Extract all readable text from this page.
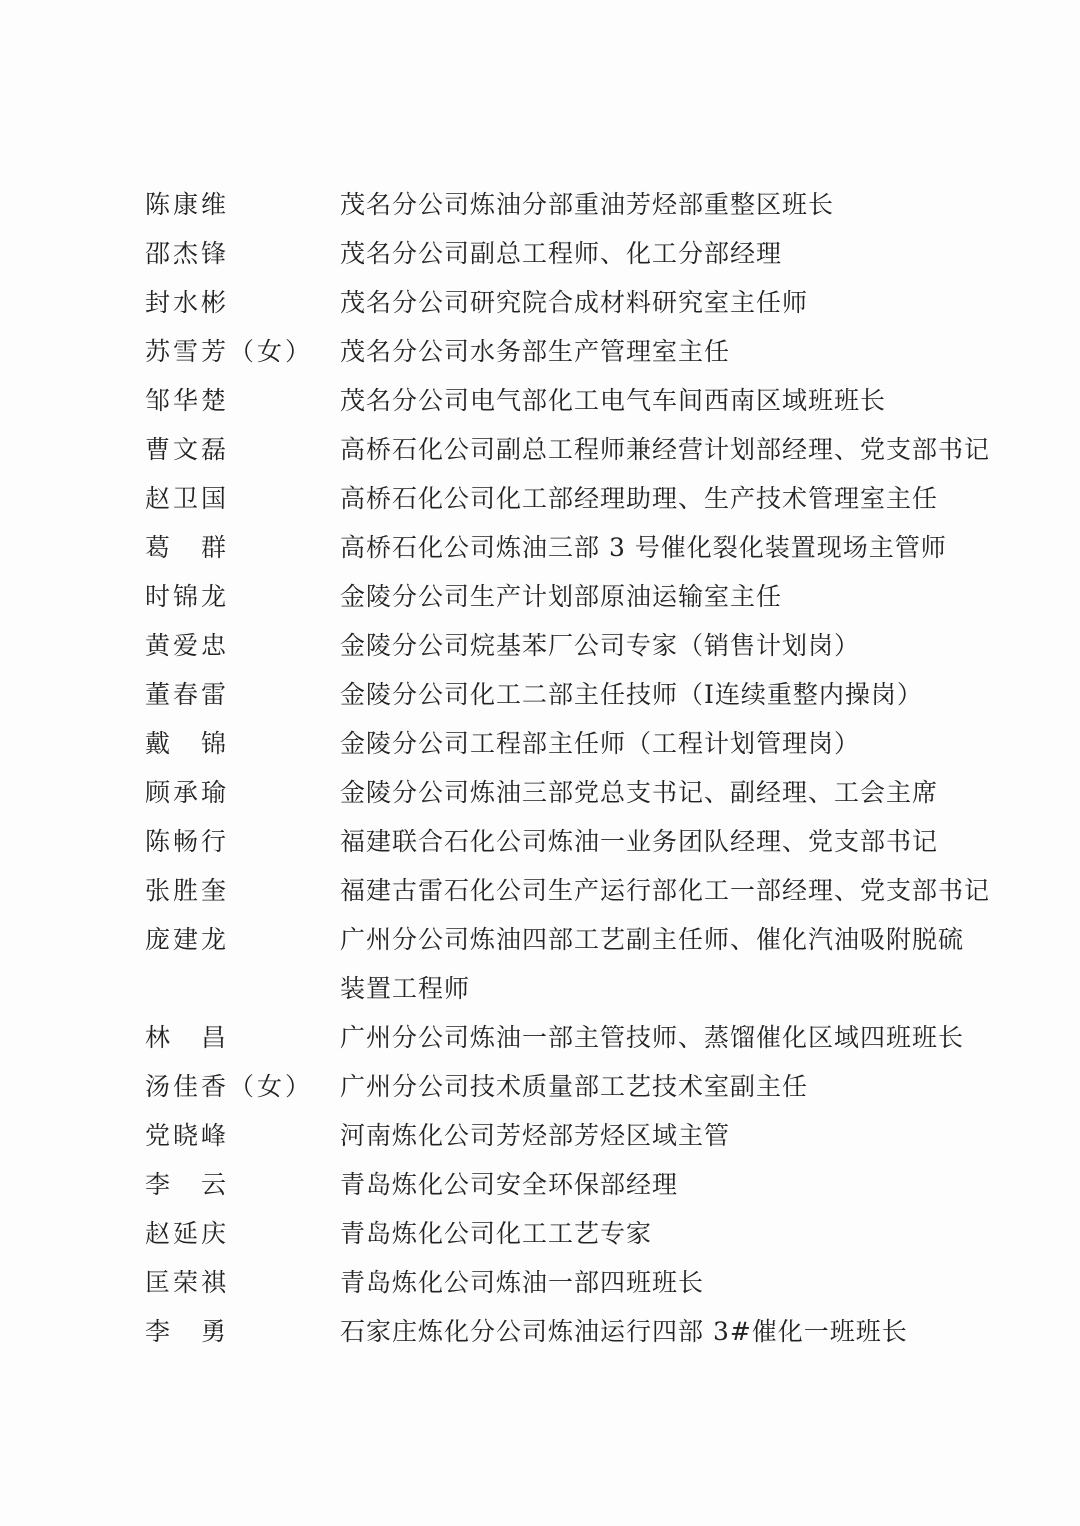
陈康维	茂名分公司炼油分部重油芳烃部重整区班长
邵杰锋	茂名分公司副总工程师、化工分部经理
封水彬	茂名分公司研究院合成材料研究室主任师
苏雪芳（女） 茂名分公司水务部生产管理室主任
邹华楚	茂名分公司电气部化工电气车间西南区域班班长
曹文磊	高桥石化公司副总工程师兼经营计划部经理、党支部书记
赵卫国	高桥石化公司化工部经理助理、生产技术管理室主任
葛　群	高桥石化公司炼油三部 3 号催化裂化装置现场主管师
时锦龙	金陵分公司生产计划部原油运输室主任
黄爱忠	金陵分公司烷基苯厂公司专家（销售计划岗）
董春雷	金陵分公司化工二部主任技师（Ⅰ连续重整内操岗）
戴　锦	金陵分公司工程部主任师（工程计划管理岗）
顾承瑜	金陵分公司炼油三部党总支书记、副经理、工会主席
陈畅行	福建联合石化公司炼油一业务团队经理、党支部书记
张胜奎	福建古雷石化公司生产运行部化工一部经理、党支部书记
庞建龙	广州分公司炼油四部工艺副主任师、催化汽油吸附脱硫
装置工程师
林　昌	广州分公司炼油一部主管技师、蒸馏催化区域四班班长
汤佳香（女） 广州分公司技术质量部工艺技术室副主任
党晓峰	河南炼化公司芳烃部芳烃区域主管
李　云	青岛炼化公司安全环保部经理
赵延庆	青岛炼化公司化工工艺专家
匡荣祺	青岛炼化公司炼油一部四班班长
李　勇	石家庄炼化分公司炼油运行四部 3#催化一班班长
